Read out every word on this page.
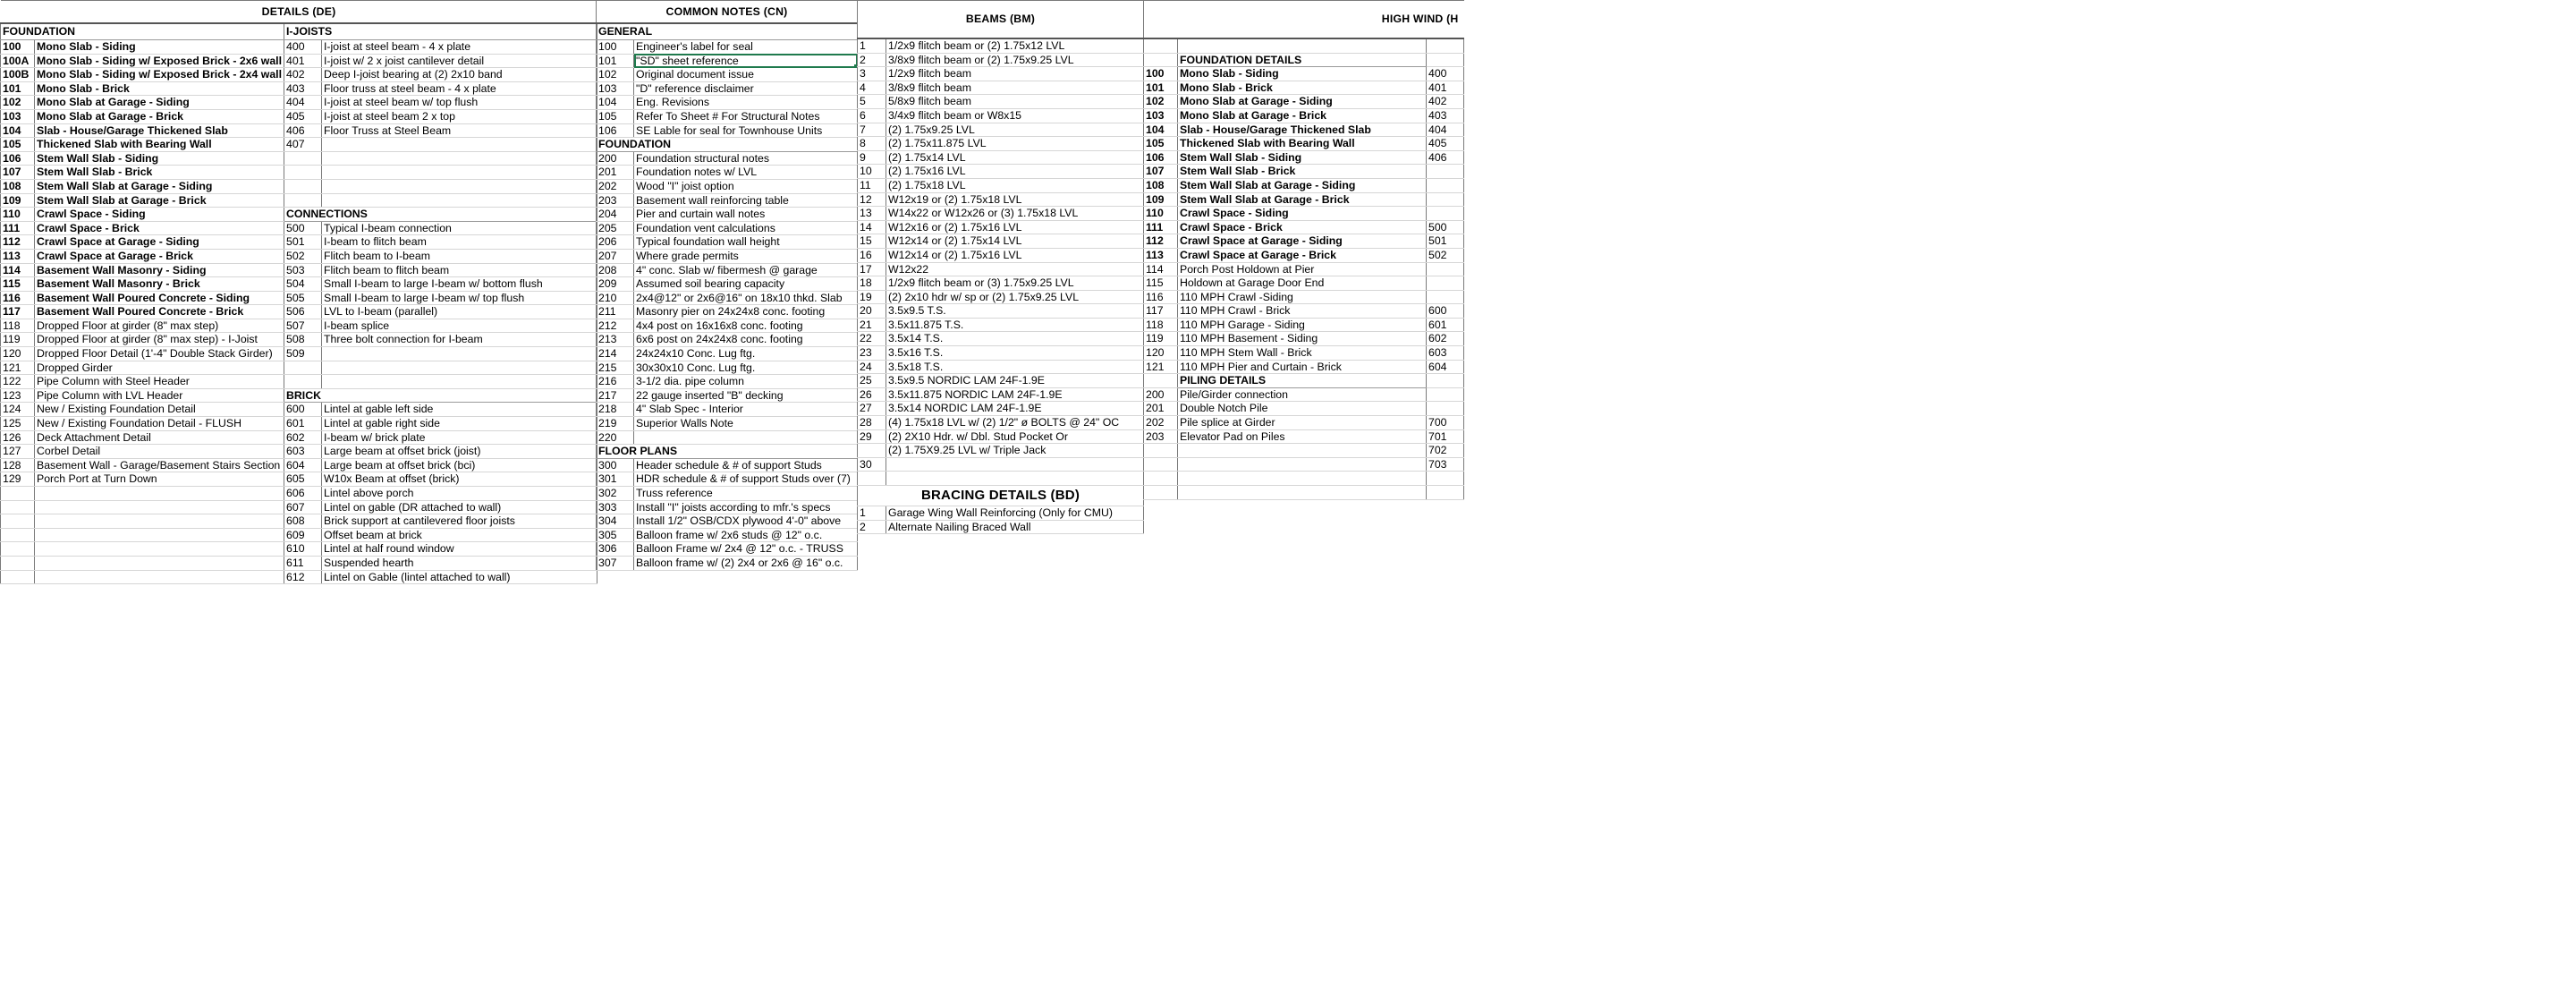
DETAILS (DE)			
FOUNDATION		I-JOISTS	
100	Mono Slab - Siding	400	I-joist at steel beam - 4 x plate
100A	Mono Slab - Siding w/ Exposed Brick - 2x6 wall	401	I-joist w/ 2 x joist cantilever detail
100B	Mono Slab - Siding w/ Exposed Brick - 2x4 wall	402	Deep I-joist bearing at (2) 2x10 band
101	Mono Slab - Brick	403	Floor truss at steel beam - 4 x plate
102	Mono Slab at Garage - Siding	404	I-joist at steel beam w/ top flush
103	Mono Slab at Garage - Brick	405	I-joist at steel beam 2 x top
104	Slab - House/Garage Thickened Slab	406	Floor Truss at Steel Beam
105	Thickened Slab with Bearing Wall	407	
106	Stem Wall Slab - Siding		
107	Stem Wall Slab - Brick		
108	Stem Wall Slab at Garage - Siding		
109	Stem Wall Slab at Garage - Brick		
110	Crawl Space - Siding	CONNECTIONS	
111	Crawl Space - Brick	500	Typical I-beam connection
112	Crawl Space at Garage - Siding	501	I-beam to flitch beam
113	Crawl Space at Garage - Brick	502	Flitch beam to I-beam
114	Basement Wall Masonry - Siding	503	Flitch beam to flitch beam
115	Basement Wall Masonry - Brick	504	Small I-beam to large I-beam w/ bottom flush
116	Basement Wall Poured Concrete - Siding	505	Small I-beam to large I-beam w/ top flush
117	Basement Wall Poured Concrete - Brick	506	LVL to I-beam (parallel)
118	Dropped Floor at girder (8" max step)	507	I-beam splice
119	Dropped Floor at girder (8" max step) - I-Joist	508	Three bolt connection for I-beam
120	Dropped Floor Detail (1'-4" Double Stack Girder)	509	
121	Dropped Girder		
122	Pipe Column with Steel Header		
123	Pipe Column with LVL Header	BRICK	
124	New / Existing Foundation Detail	600	Lintel at gable left side
125	New / Existing Foundation Detail - FLUSH	601	Lintel at gable right side
126	Deck Attachment Detail	602	I-beam w/ brick plate
127	Corbel Detail	603	Large beam at offset brick (joist)
128	Basement Wall - Garage/Basement Stairs Section	604	Large beam at offset brick (bci)
129	Porch Port at Turn Down	605	W10x Beam at offset (brick)
		606	Lintel above porch
		607	Lintel on gable (DR attached to wall)
		608	Brick support at cantilevered floor joists
		609	Offset beam at brick
		610	Lintel at half round window
		611	Suspended hearth
		612	Lintel on Gable (lintel attached to wall)
COMMON NOTES (CN)	
GENERAL	
100	Engineer's label for seal
101	"SD" sheet reference
102	Original document issue
103	"D" reference disclaimer
104	Eng. Revisions
105	Refer To Sheet # For Structural Notes
106	SE Lable for seal for Townhouse Units
FOUNDATION	
200	Foundation structural notes
201	Foundation notes w/ LVL
202	Wood "I" joist option
203	Basement wall reinforcing table
204	Pier and curtain wall notes
205	Foundation vent calculations
206	Typical foundation wall height
207	Where grade permits
208	4" conc. Slab w/ fibermesh @ garage
209	Assumed soil bearing capacity
210	2x4@12" or 2x6@16" on 18x10 thkd. Slab
211	Masonry pier on 24x24x8 conc. footing
212	4x4 post on 16x16x8 conc. footing
213	6x6 post on 24x24x8 conc. footing
214	24x24x10 Conc. Lug ftg.
215	30x30x10 Conc. Lug ftg.
216	3-1/2 dia. pipe column
217	22 gauge inserted "B" decking
218	4" Slab Spec - Interior
219	Superior Walls Note
220	
FLOOR PLANS	
300	Header schedule & # of support Studs
301	HDR schedule & # of support Studs over (7)
302	Truss reference
303	Install "I" joists according to mfr.'s specs
304	Install 1/2" OSB/CDX plywood 4'-0" above
305	Balloon frame w/ 2x6 studs @ 12" o.c.
306	Balloon Frame w/ 2x4 @ 12" o.c. - TRUSS
307	Balloon frame w/ (2) 2x4 or 2x6 @ 16" o.c.
BEAMS (BM)	
1	1/2x9 flitch beam or (2) 1.75x12 LVL
2	3/8x9 flitch beam or (2) 1.75x9.25 LVL
3	1/2x9 flitch beam
4	3/8x9 flitch beam
5	5/8x9 flitch beam
6	3/4x9 flitch beam or W8x15
7	(2) 1.75x9.25 LVL
8	(2) 1.75x11.875 LVL
9	(2) 1.75x14 LVL
10	(2) 1.75x16 LVL
11	(2) 1.75x18 LVL
12	W12x19 or (2) 1.75x18 LVL
13	W14x22 or W12x26 or (3) 1.75x18 LVL
14	W12x16 or (2) 1.75x16 LVL
15	W12x14 or (2) 1.75x14 LVL
16	W12x14 or (2) 1.75x16 LVL
17	W12x22
18	1/2x9 flitch beam or (3) 1.75x9.25 LVL
19	(2) 2x10 hdr w/ sp or (2) 1.75x9.25 LVL
20	3.5x9.5 T.S.
21	3.5x11.875 T.S.
22	3.5x14 T.S.
23	3.5x16 T.S.
24	3.5x18 T.S.
25	3.5x9.5 NORDIC LAM 24F-1.9E
26	3.5x11.875 NORDIC LAM 24F-1.9E
27	3.5x14 NORDIC LAM 24F-1.9E
28	(4) 1.75x18 LVL w/ (2) 1/2" ø BOLTS @ 24" OC
29	(2) 2X10 Hdr. w/ Dbl. Stud Pocket Or
	(2) 1.75X9.25 LVL w/ Triple Jack
30	

BRACING DETAILS (BD)	
1	Garage Wing Wall Reinforcing (Only for CMU)
2	Alternate Nailing Braced Wall
HIGH WIND (H		

	FOUNDATION DETAILS	
100	Mono Slab - Siding	400
101	Mono Slab - Brick	401
102	Mono Slab at Garage - Siding	402
103	Mono Slab at Garage - Brick	403
104	Slab - House/Garage Thickened Slab	404
105	Thickened Slab with Bearing Wall	405
106	Stem Wall Slab - Siding	406
107	Stem Wall Slab - Brick	
108	Stem Wall Slab at Garage - Siding	
109	Stem Wall Slab at Garage - Brick	
110	Crawl Space - Siding	
111	Crawl Space - Brick	500
112	Crawl Space at Garage - Siding	501
113	Crawl Space at Garage - Brick	502
114	Porch Post Holdown at Pier	
115	Holdown at Garage Door End	
116	110 MPH Crawl -Siding	
117	110 MPH Crawl - Brick	600
118	110 MPH Garage - Siding	601
119	110 MPH Basement - Siding	602
120	110 MPH Stem Wall - Brick	603
121	110 MPH Pier and Curtain - Brick	604
	PILING DETAILS	
200	Pile/Girder connection	
201	Double Notch Pile	
202	Pile splice at Girder	700
203	Elevator Pad on Piles	701
		702
		703
